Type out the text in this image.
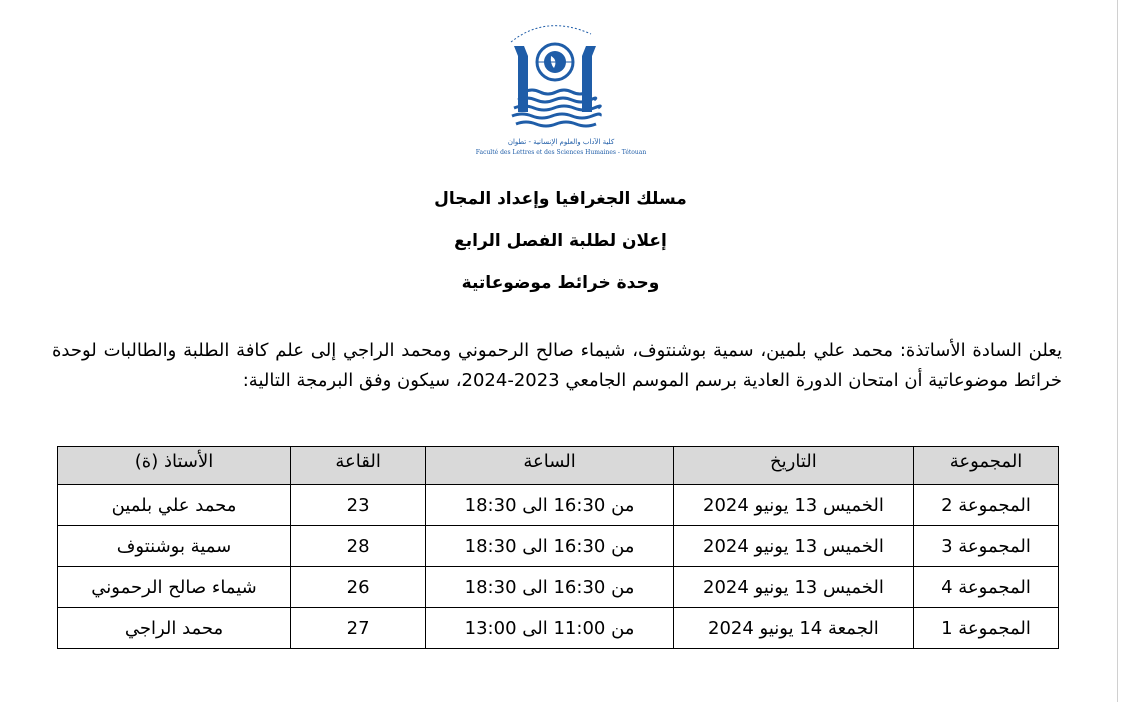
كلية الآداب والعلوم الإنسانية - تطوان
Faculté des Lettres et des Sciences Humaines - Tétouan
مسلك الجغرافيا وإعداد المجال
إعلان لطلبة الفصل الرابع
وحدة خرائط موضوعاتية
يعلن السادة الأساتذة: محمد علي بلمين، سمية بوشنتوف، شيماء صالح الرحموني ومحمد الراجي إلى علم كافة الطلبة والطالبات لوحدة خرائط موضوعاتية أن امتحان الدورة العادية برسم الموسم الجامعي 2023-2024، سيكون وفق البرمجة التالية:
المجموعة	التاريخ	الساعة	القاعة	الأستاذ (ة)
المجموعة 2	الخميس 13 يونيو 2024	من 16:30 الى 18:30	23	محمد علي بلمين
المجموعة 3	الخميس 13 يونيو 2024	من 16:30 الى 18:30	28	سمية بوشنتوف
المجموعة 4	الخميس 13 يونيو 2024	من 16:30 الى 18:30	26	شيماء صالح الرحموني
المجموعة 1	الجمعة 14 يونيو 2024	من 11:00 الى 13:00	27	محمد الراجي
